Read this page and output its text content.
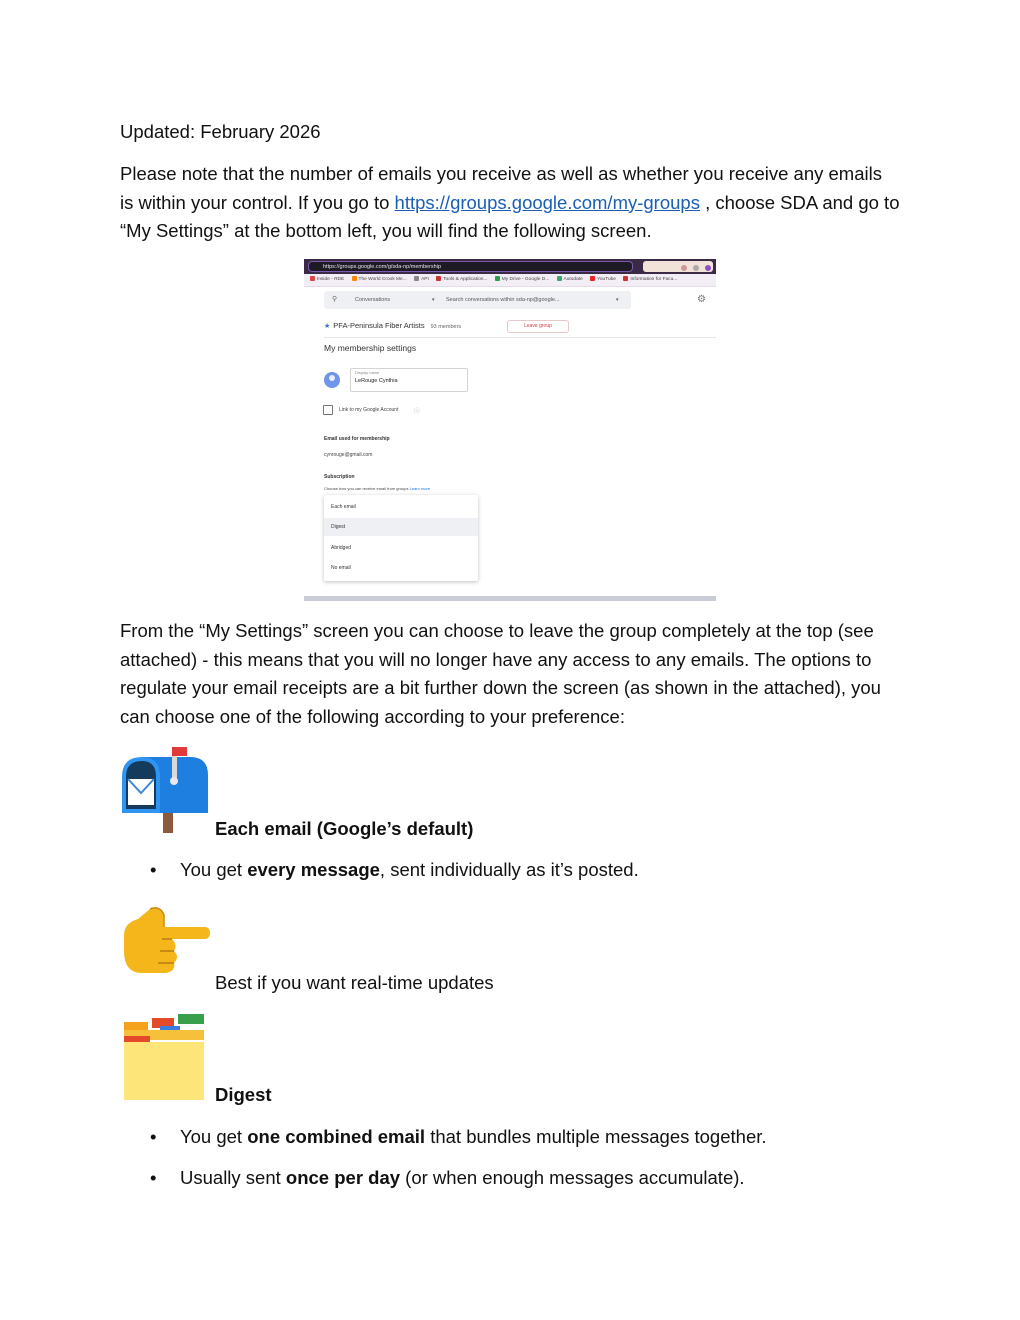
Updated: February 2026

Please note that the number of emails you receive as well as whether you receive any emails is within your control. If you go to https://groups.google.com/my-groups , choose SDA and go to “My Settings” at the bottom left, you will find the following screen.

https://groups.google.com/g/sda-np/membership
Inside - RDE	The World Crook Me...	API	Tools & Application...	My Drive - Google D...	Autodate	YouTube	Information for Facu...
⚲	Conversations	▾ Search conversations within sda-np@google...	▾	⚙
★ PFA-Peninsula Fiber Artists 93 members	Leave group
My membership settings
Display name
LeRouge Cynthia
Link to my Google Account	ⓘ
Email used for membership
cynrouge@gmail.com
Subscription
Choose how you can receive email from groups Learn more
Each email
Digest
Abridged
No email

From the “My Settings” screen you can choose to leave the group completely at the top (see attached) - this means that you will no longer have any access to any emails. The options to regulate your email receipts are a bit further down the screen (as shown in the attached), you can choose one of the following according to your preference:

Each email (Google’s default)
• You get every message, sent individually as it’s posted.
Best if you want real-time updates
Digest
• You get one combined email that bundles multiple messages together.
• Usually sent once per day (or when enough messages accumulate).
